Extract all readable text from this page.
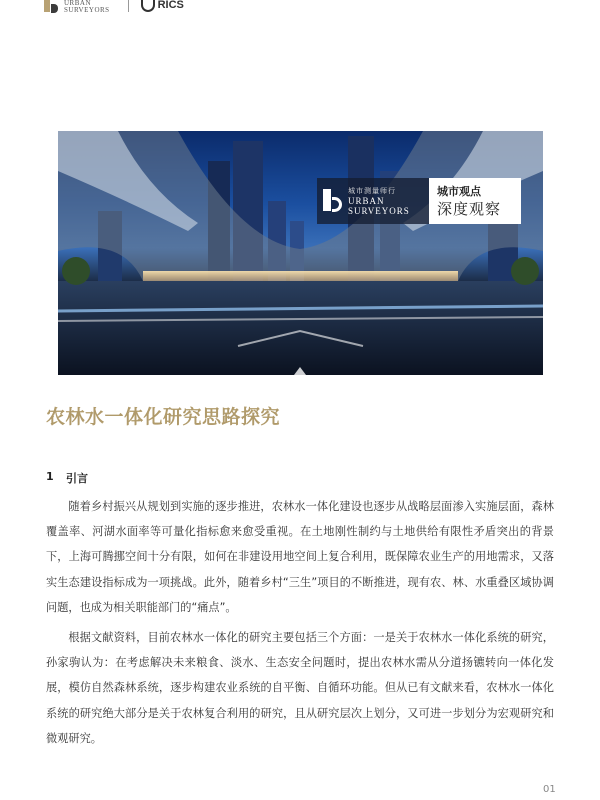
URBAN
SURVEYORS	RICS
城市测量师行
URBAN
SURVEYORS
城市观点
深度观察
农林水一体化研究思路探究
1	引言

随着乡村振兴从规划到实施的逐步推进，农林水一体化建设也逐步从战略层面渗入实施层面，森林覆盖率、河湖水面率等可量化指标愈来愈受重视。在土地刚性制约与土地供给有限性矛盾突出的背景下，上海可腾挪空间十分有限，如何在非建设用地空间上复合利用，既保障农业生产的用地需求，又落实生态建设指标成为一项挑战。此外，随着乡村“三生”项目的不断推进，现有农、林、水重叠区域协调问题，也成为相关职能部门的“痛点”。

根据文献资料，目前农林水一体化的研究主要包括三个方面：一是关于农林水一体化系统的研究，孙家驹认为：在考虑解决未来粮食、淡水、生态安全问题时，提出农林水需从分道扬镳转向一体化发展，模仿自然森林系统，逐步构建农业系统的自平衡、自循环功能。但从已有文献来看，农林水一体化系统的研究绝大部分是关于农林复合利用的研究，且从研究层次上划分，又可进一步划分为宏观研究和微观研究。

01
